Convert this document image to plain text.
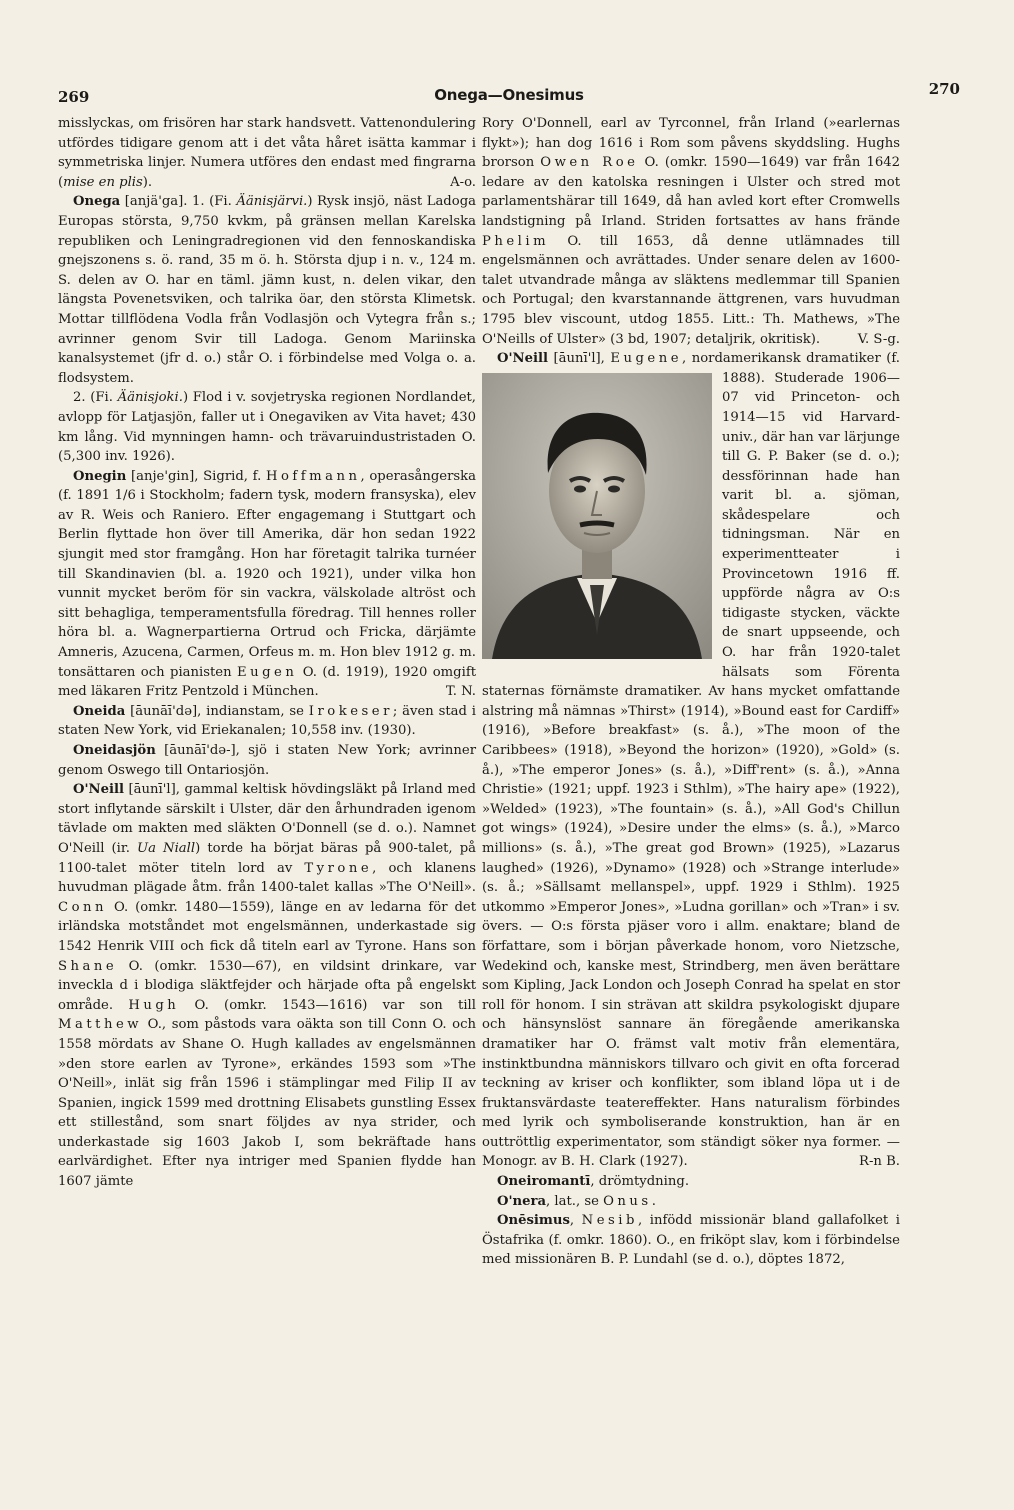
269	Onega—Onesimus	270

misslyckas, om frisören har stark handsvett. Vattenondulering utfördes tidigare genom att i det våta håret isätta kammar i symmetriska linjer. Numera utföres den endast med fingrarna (mise en plis).	A-o.

Onega [anjä'ga]. 1. (Fi. Äänisjärvi.) Rysk insjö, näst Ladoga Europas största, 9,750 kvkm, på gränsen mellan Karelska republiken och Leningradregionen vid den fennoskandiska gnejszonens s. ö. rand, 35 m ö. h. Största djup i n. v., 124 m. S. delen av O. har en täml. jämn kust, n. delen vikar, den längsta Povenetsviken, och talrika öar, den största Klimetsk. Mottar tillflödena Vodla från Vodlasjön och Vytegra från s.; avrinner genom Svir till Ladoga. Genom Mariinska kanalsystemet (jfr d. o.) står O. i förbindelse med Volga o. a. flodsystem.

2. (Fi. Äänisjoki.) Flod i v. sovjetryska regionen Nordlandet, avlopp för Latjasjön, faller ut i Onegaviken av Vita havet; 430 km lång. Vid mynningen hamn- och trävaruindustristaden O. (5,300 inv. 1926).

Onegin [anje'gin], Sigrid, f. Hoffmann, operasångerska (f. 1891 1/6 i Stockholm; fadern tysk, modern fransyska), elev av R. Weis och Raniero. Efter engagemang i Stuttgart och Berlin flyttade hon över till Amerika, där hon sedan 1922 sjungit med stor framgång. Hon har företagit talrika turnéer till Skandinavien (bl. a. 1920 och 1921), under vilka hon vunnit mycket beröm för sin vackra, välskolade altröst och sitt behagliga, temperamentsfulla föredrag. Till hennes roller höra bl. a. Wagnerpartierna Ortrud och Fricka, därjämte Amneris, Azucena, Carmen, Orfeus m. m. Hon blev 1912 g. m. tonsättaren och pianisten Eugen O. (d. 1919), 1920 omgift med läkaren Fritz Pentzold i München.	T. N.

Oneida [āunāī'də], indianstam, se Irokeser; även stad i staten New York, vid Eriekanalen; 10,558 inv. (1930).

Oneidasjön [āunāī'də-], sjö i staten New York; avrinner genom Oswego till Ontariosjön.

O'Neill [āunī'l], gammal keltisk hövdingsläkt på Irland med stort inflytande särskilt i Ulster, där den århundraden igenom tävlade om makten med släkten O'Donnell (se d. o.). Namnet O'Neill (ir. Ua Niall) torde ha börjat bäras på 900-talet, på 1100-talet möter titeln lord av Tyrone, och klanens huvudman plägade åtm. från 1400-talet kallas »The O'Neill». Conn O. (omkr. 1480—1559), länge en av ledarna för det irländska motståndet mot engelsmännen, underkastade sig 1542 Henrik VIII och fick då titeln earl av Tyrone. Hans son Shane O. (omkr. 1530—67), en vildsint drinkare, var inveckla d i blodiga släktfejder och härjade ofta på engelskt område. Hugh O. (omkr. 1543—1616) var son till Matthew O., som påstods vara oäkta son till Conn O. och 1558 mördats av Shane O. Hugh kallades av engelsmännen »den store earlen av Tyrone», erkändes 1593 som »The O'Neill», inlät sig från 1596 i stämplingar med Filip II av Spanien, ingick 1599 med drottning Elisabets gunstling Essex ett stillestånd, som snart följdes av nya strider, och underkastade sig 1603 Jakob I, som bekräftade hans earlvärdighet. Efter nya intriger med Spanien flydde han 1607 jämte

Rory O'Donnell, earl av Tyrconnel, från Irland (»earlernas flykt»); han dog 1616 i Rom som påvens skyddsling. Hughs brorson Owen Roe O. (omkr. 1590—1649) var från 1642 ledare av den katolska resningen i Ulster och stred mot parlamentshärar till 1649, då han avled kort efter Cromwells landstigning på Irland. Striden fortsattes av hans frände Phelim O. till 1653, då denne utlämnades till engelsmännen och avrättades. Under senare delen av 1600-talet utvandrade många av släktens medlemmar till Spanien och Portugal; den kvarstannande ättgrenen, vars huvudman 1795 blev viscount, utdog 1855. Litt.: Th. Mathews, »The O'Neills of Ulster» (3 bd, 1907; detaljrik, okritisk).	V. S-g.

O'Neill [āunī'l], Eugene
, nordamerikansk dramatiker (f. 1888). Studerade 1906—07 vid Princeton- och 1914—15 vid Harvard-univ., där han var lärjunge till G. P. Baker (se d. o.); dessförinnan hade han varit bl. a. sjöman, skådespelare och tidningsman. När en experimentteater i Provincetown 1916 ff. uppförde några av O:s tidigaste stycken, väckte de snart uppseende, och O. har från 1920-talet hälsats som Förenta staternas förnämste dramatiker. Av hans mycket omfattande alstring må nämnas »Thirst» (1914), »Bound east for Cardiff» (1916), »Before breakfast» (s. å.), »The moon of the Caribbees» (1918), »Beyond the horizon» (1920), »Gold» (s. å.), »The emperor Jones» (s. å.), »Diff'rent» (s. å.), »Anna Christie» (1921; uppf. 1923 i Sthlm), »The hairy ape» (1922), »Welded» (1923), »The fountain» (s. å.), »All God's Chillun got wings» (1924), »Desire under the elms» (s. å.), »Marco millions» (s. å.), »The great god Brown» (1925), »Lazarus laughed» (1926), »Dynamo» (1928) och »Strange interlude» (s. å.; »Sällsamt mellanspel», uppf. 1929 i Sthlm). 1925 utkommo »Emperor Jones», »Ludna gorillan» och »Tran» i sv. övers. — O:s första pjäser voro i allm. enaktare; bland de författare, som i början påverkade honom, voro Nietzsche, Wedekind och, kanske mest, Strindberg, men även berättare som Kipling, Jack London och Joseph Conrad ha spelat en stor roll för honom. I sin strävan att skildra psykologiskt djupare och hänsynslöst sannare än föregående amerikanska dramatiker har O. främst valt motiv från elementära, instinktbundna människors tillvaro och givit en ofta forcerad teckning av kriser och konflikter, som ibland löpa ut i de fruktansvärdaste teatereffekter. Hans naturalism förbindes med lyrik och symboliserande konstruktion, han är en outtröttlig experimentator, som ständigt söker nya former. — Monogr. av B. H. Clark (1927).	R-n B.

Oneiromantī, drömtydning.

O'nera, lat., se Onus.

Onēsimus, Nesib, infödd missionär bland gallafolket i Östafrika (f. omkr. 1860). O., en friköpt slav, kom i förbindelse med missionären B. P. Lundahl (se d. o.), döptes 1872,
